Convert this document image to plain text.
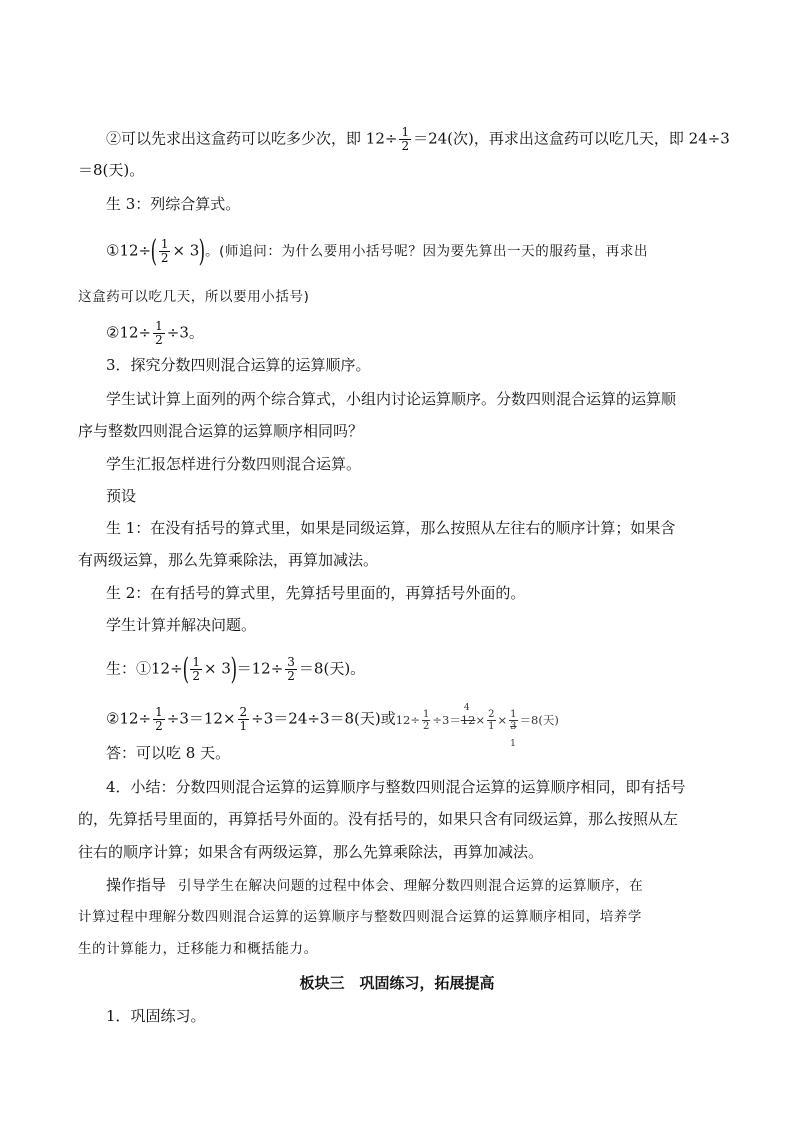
②可以先求出这盒药可以吃多少次，即 $12\div \frac{1}{2} =24$(次)，再求出这盒药可以吃几天，即 24÷3
＝8(天)。
生 3：列综合算式。
①12÷( $\frac{1}{2} \times 3$)。(师追问：为什么要用小括号呢？因为要先算出一天的服药量，再求出
这盒药可以吃几天，所以要用小括号)
②12÷ $\frac{1}{2} \div 3$。
3．探究分数四则混合运算的运算顺序。
学生试计算上面列的两个综合算式，小组内讨论运算顺序。分数四则混合运算的运算顺
序与整数四则混合运算的运算顺序相同吗？
学生汇报怎样进行分数四则混合运算。
预设
生 1：在没有括号的算式里，如果是同级运算，那么按照从左往右的顺序计算；如果含
有两级运算，那么先算乘除法，再算加减法。
生 2：在有括号的算式里，先算括号里面的，再算括号外面的。
学生计算并解决问题。
生：①12÷( $\frac{1}{2} \times 3)=12\div \frac{3}{2} =8$(天)。
②12÷ $\frac{1}{2} \div 3=12\times \frac{2}{1} \div 3=24\div 3=8$(天)或$12\div \frac{1}{2} \div 3=$
4
$12\times \frac{2}{1} \times \frac{1}{3}$
1
＝8(天)
答：可以吃 8 天。
4．小结：分数四则混合运算的运算顺序与整数四则混合运算的运算顺序相同，即有括号
的，先算括号里面的，再算括号外面的。没有括号的，如果只含有同级运算，那么按照从左
往右的顺序计算；如果含有两级运算，那么先算乘除法，再算加减法。
操作指导 引导学生在解决问题的过程中体会、理解分数四则混合运算的运算顺序，在
计算过程中理解分数四则混合运算的运算顺序与整数四则混合运算的运算顺序相同，培养学
生的计算能力，迁移能力和概括能力。
板块三　巩固练习，拓展提高
1．巩固练习。
